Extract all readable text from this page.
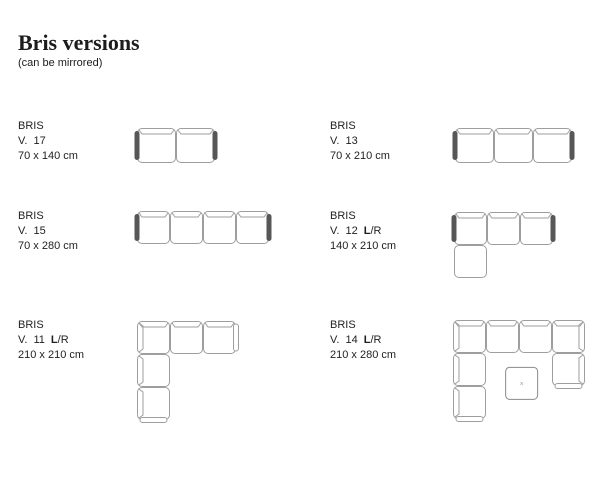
Bris versions
(can be mirrored)
BRIS
V.  17
70 x 140 cm
BRIS
V.  13
70 x 210 cm
BRIS
V.  15
70 x 280 cm
BRIS
V.  12 L/R
140 x 210 cm
BRIS
V.  11 L/R
210 x 210 cm
BRIS
V.  14 L/R
210 x 280 cm
×
